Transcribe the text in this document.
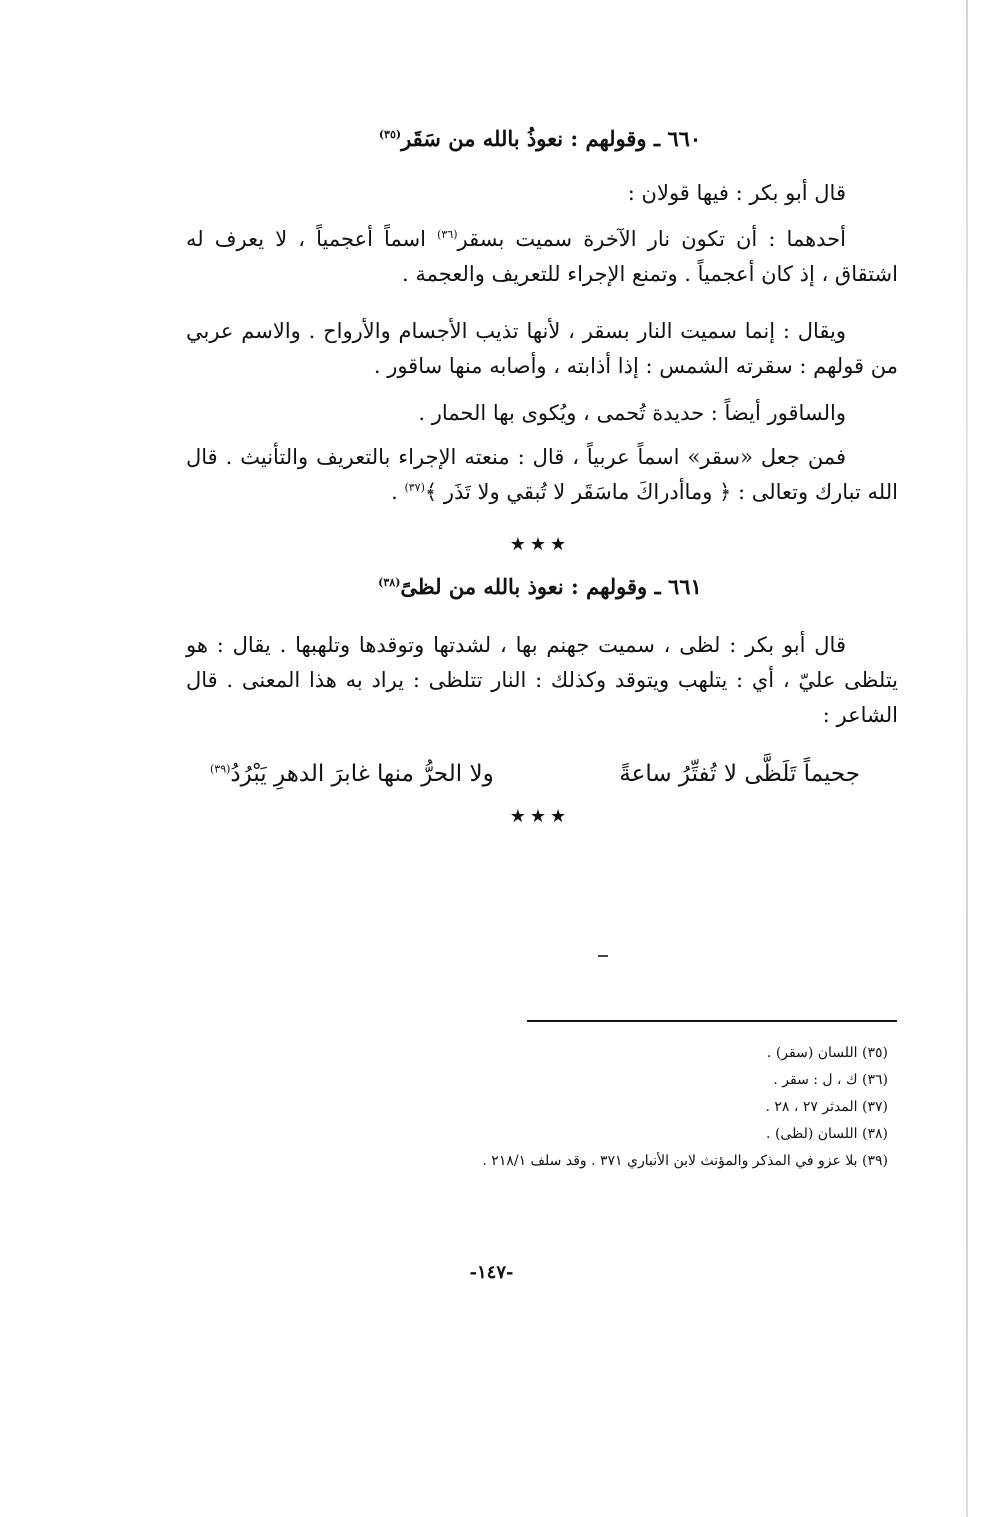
٦٦٠ ـ وقولهم : نعوذُ بالله من سَقَر$^{(٣٥)}$
قال أبو بكر : فيها قولان :
أحدهما : أن تكون نار الآخرة سميت بسقر$^{(٣٦)}$ اسماً أعجمياً ، لا يعرف له اشتقاق ، إذ كان أعجمياً . وتمنع الإجراء للتعريف والعجمة .
ويقال : إنما سميت النار بسقر ، لأنها تذيب الأجسام والأرواح . والاسم عربي من قولهم : سقرته الشمس : إذا أذابته ، وأصابه منها ساقور .
والساقور أيضاً : حديدة تُحمى ، ويُكوى بها الحمار .
فمن جعل «سقر» اسماً عربياً ، قال : منعته الإجراء بالتعريف والتأنيث . قال الله تبارك وتعالى : ﴿ وماأدراكَ ماسَقَر لا تُبقي ولا تَذَر ﴾$^{(٣٧)}$ .
★★★
٦٦١ ـ وقولهم : نعوذ بالله من لظىً$^{(٣٨)}$
قال أبو بكر : لظى ، سميت جهنم بها ، لشدتها وتوقدها وتلهبها . يقال : هو يتلظى عليّ ، أي : يتلهب ويتوقد وكذلك : النار تتلظى : يراد به هذا المعنى . قال الشاعر :
جحيماً تَلَظَّى لا تُفتِّرُ ساعةً
ولا الحرُّ منها غابرَ الدهرِ يَبْرُدُ$^{(٣٩)}$
★★★
(٣٥) اللسان (سقر) .
(٣٦) ك ، ل : سقر .
(٣٧) المدثر ٢٧ ، ٢٨ .
(٣٨) اللسان (لظى) .
(٣٩) بلا عزو في المذكر والمؤنث لابن الأنباري ٣٧١ . وقد سلف ٢١٨/١ .
-١٤٧-
